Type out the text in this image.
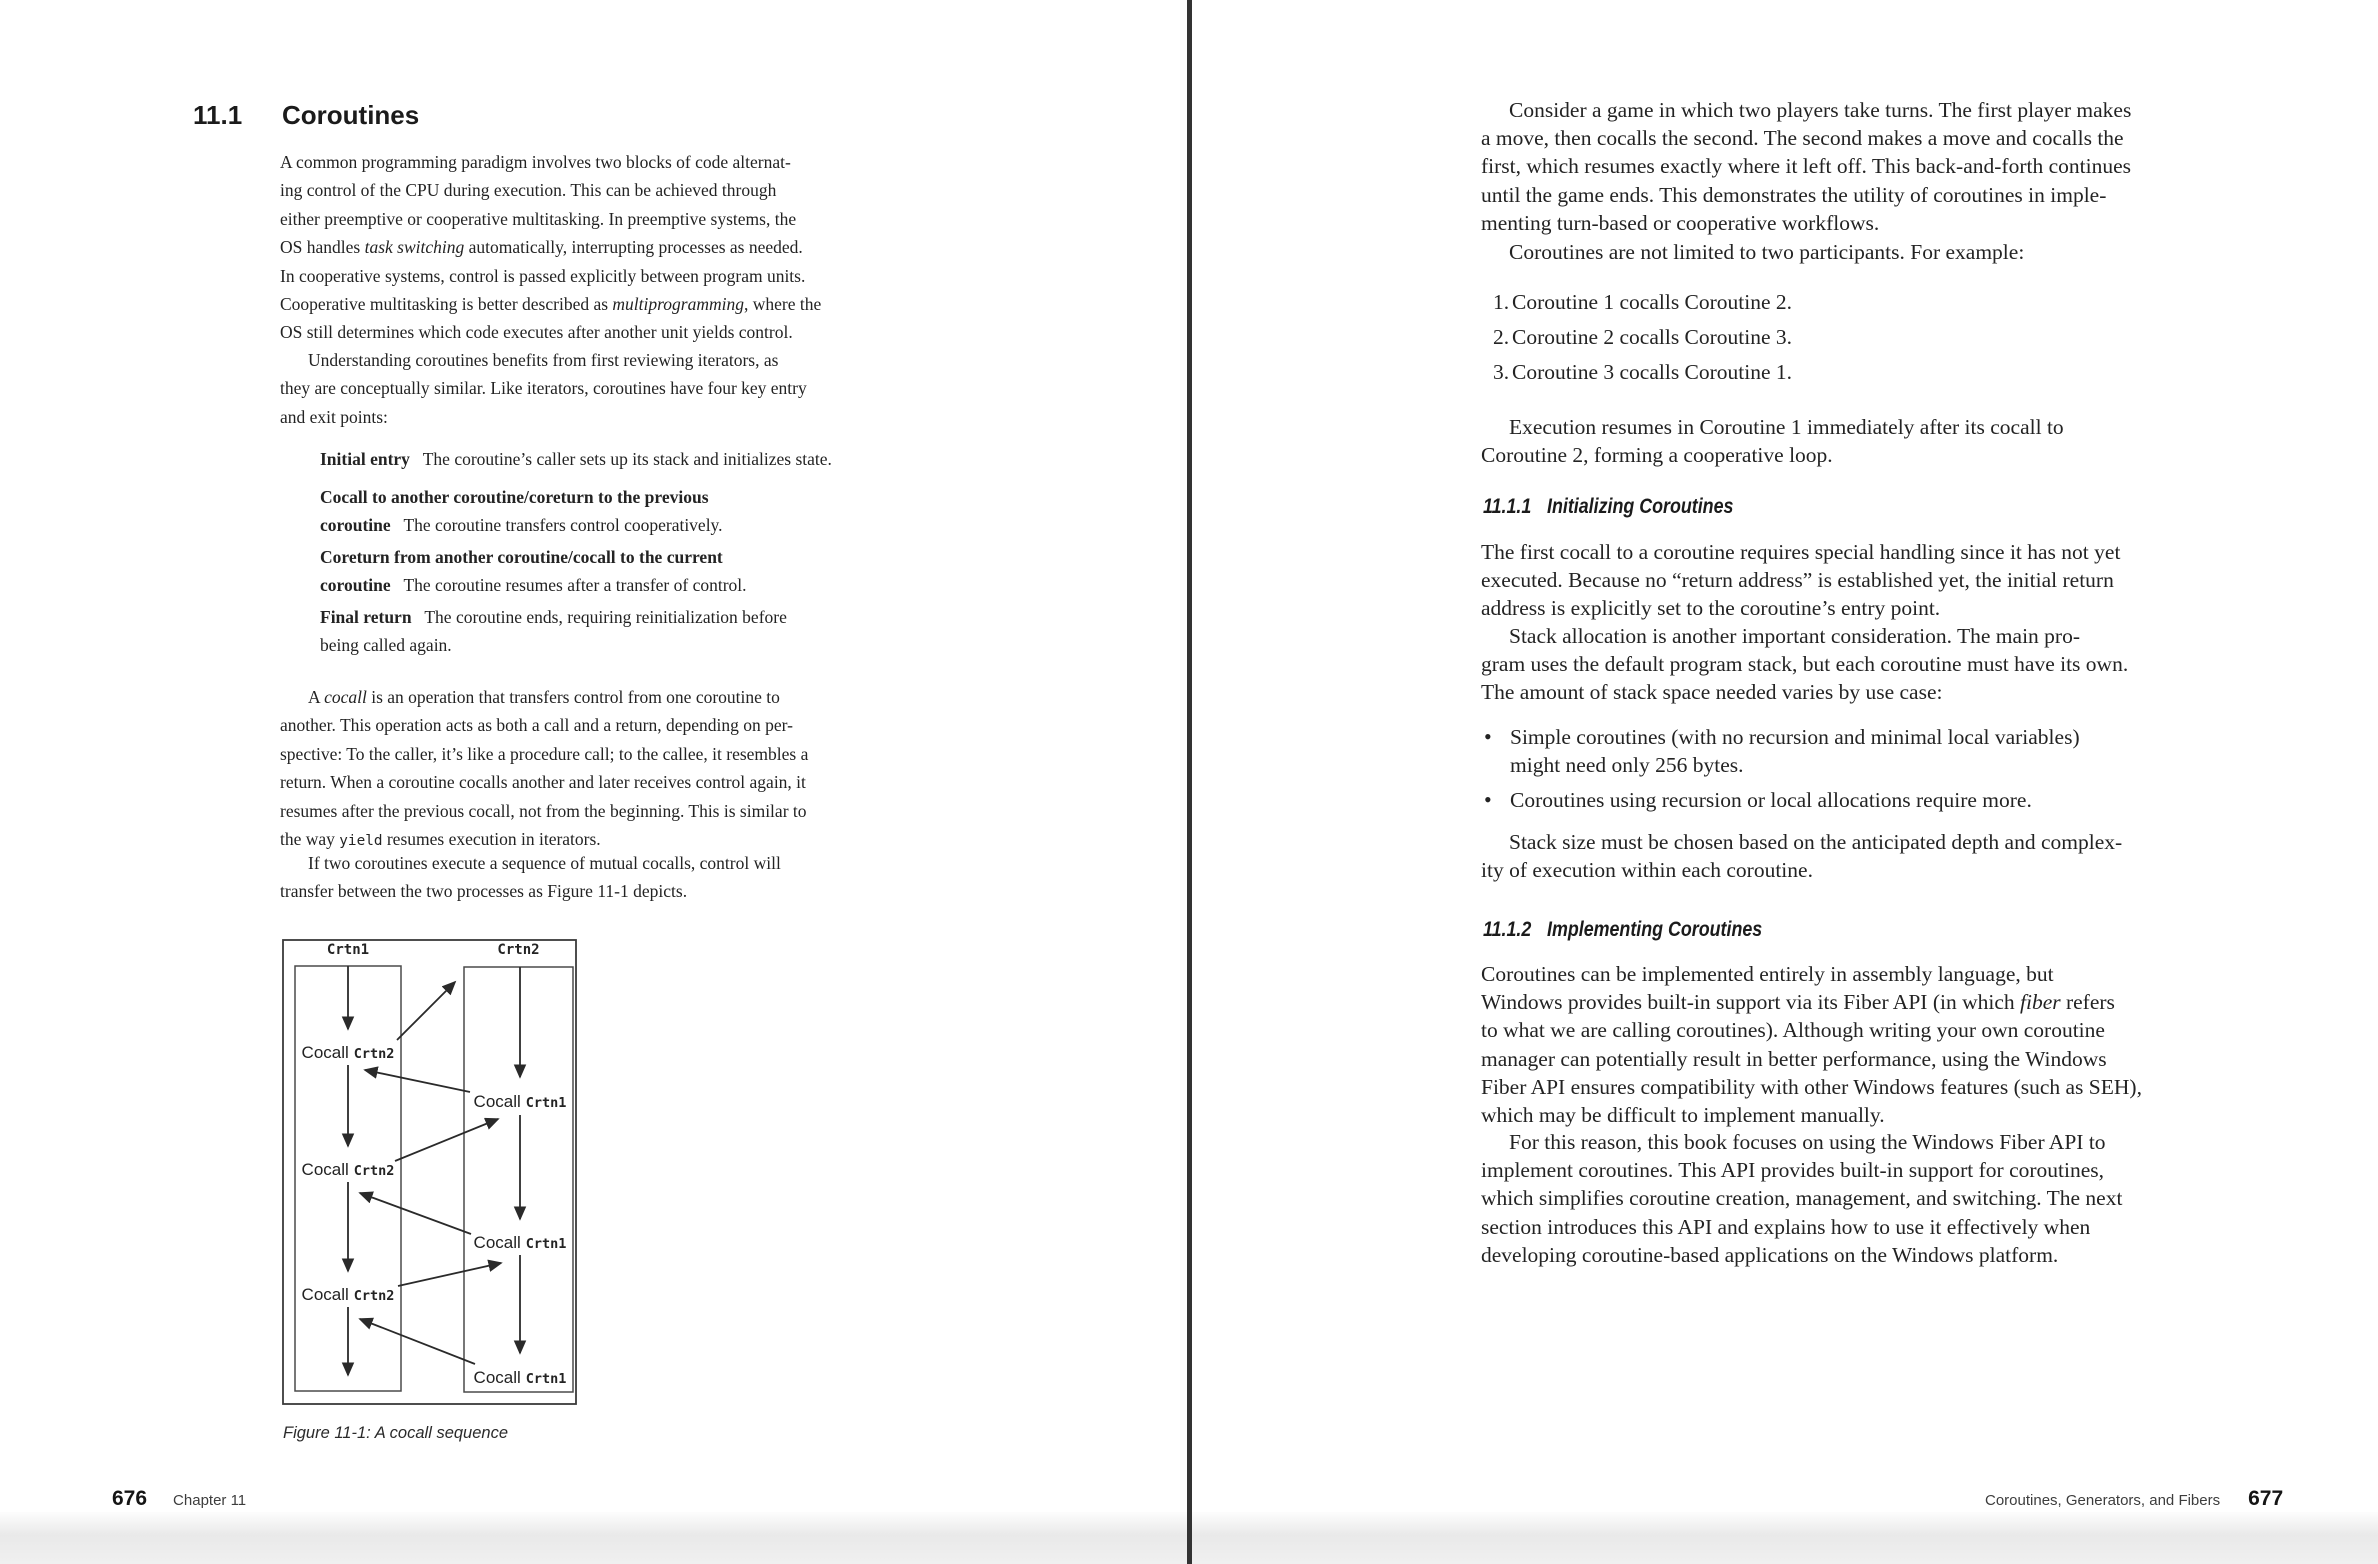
11.1 Coroutines
A common programming paradigm involves two blocks of code alternat-
ing control of the CPU during execution. This can be achieved through
either preemptive or cooperative multitasking. In preemptive systems, the
OS handles task switching automatically, interrupting processes as needed.
In cooperative systems, control is passed explicitly between program units.
Cooperative multitasking is better described as multiprogramming, where the
OS still determines which code executes after another unit yields control.
Understanding coroutines benefits from first reviewing iterators, as
they are conceptually similar. Like iterators, coroutines have four key entry
and exit points:
Initial entry   The coroutine’s caller sets up its stack and initializes state.
Cocall to another coroutine/coreturn to the previous
coroutine   The coroutine transfers control cooperatively.
Coreturn from another coroutine/cocall to the current
coroutine   The coroutine resumes after a transfer of control.
Final return   The coroutine ends, requiring reinitialization before
being called again.
A cocall is an operation that transfers control from one coroutine to
another. This operation acts as both a call and a return, depending on per-
spective: To the caller, it’s like a procedure call; to the callee, it resembles a
return. When a coroutine cocalls another and later receives control again, it
resumes after the previous cocall, not from the beginning. This is similar to
the way yield resumes execution in iterators.
If two coroutines execute a sequence of mutual cocalls, control will
transfer between the two processes as Figure 11-1 depicts.
Crtn1	Crtn2
Cocall Crtn2
Cocall Crtn2
Cocall Crtn2
Cocall Crtn1
Cocall Crtn1
Cocall Crtn1
Figure 11-1: A cocall sequence
676 Chapter 11
Consider a game in which two players take turns. The first player makes
a move, then cocalls the second. The second makes a move and cocalls the
first, which resumes exactly where it left off. This back-and-forth continues
until the game ends. This demonstrates the utility of coroutines in imple-
menting turn-based or cooperative workflows.
Coroutines are not limited to two participants. For example:
1. Coroutine 1 cocalls Coroutine 2.
2. Coroutine 2 cocalls Coroutine 3.
3. Coroutine 3 cocalls Coroutine 1.
Execution resumes in Coroutine 1 immediately after its cocall to
Coroutine 2, forming a cooperative loop.
11.1.1 Initializing Coroutines
The first cocall to a coroutine requires special handling since it has not yet
executed. Because no “return address” is established yet, the initial return
address is explicitly set to the coroutine’s entry point.
Stack allocation is another important consideration. The main pro-
gram uses the default program stack, but each coroutine must have its own.
The amount of stack space needed varies by use case:
• Simple coroutines (with no recursion and minimal local variables)
might need only 256 bytes.
• Coroutines using recursion or local allocations require more.
Stack size must be chosen based on the anticipated depth and complex-
ity of execution within each coroutine.
11.1.2 Implementing Coroutines
Coroutines can be implemented entirely in assembly language, but
Windows provides built-in support via its Fiber API (in which fiber refers
to what we are calling coroutines). Although writing your own coroutine
manager can potentially result in better performance, using the Windows
Fiber API ensures compatibility with other Windows features (such as SEH),
which may be difficult to implement manually.
For this reason, this book focuses on using the Windows Fiber API to
implement coroutines. This API provides built-in support for coroutines,
which simplifies coroutine creation, management, and switching. The next
section introduces this API and explains how to use it effectively when
developing coroutine-based applications on the Windows platform.
Coroutines, Generators, and Fibers 677
